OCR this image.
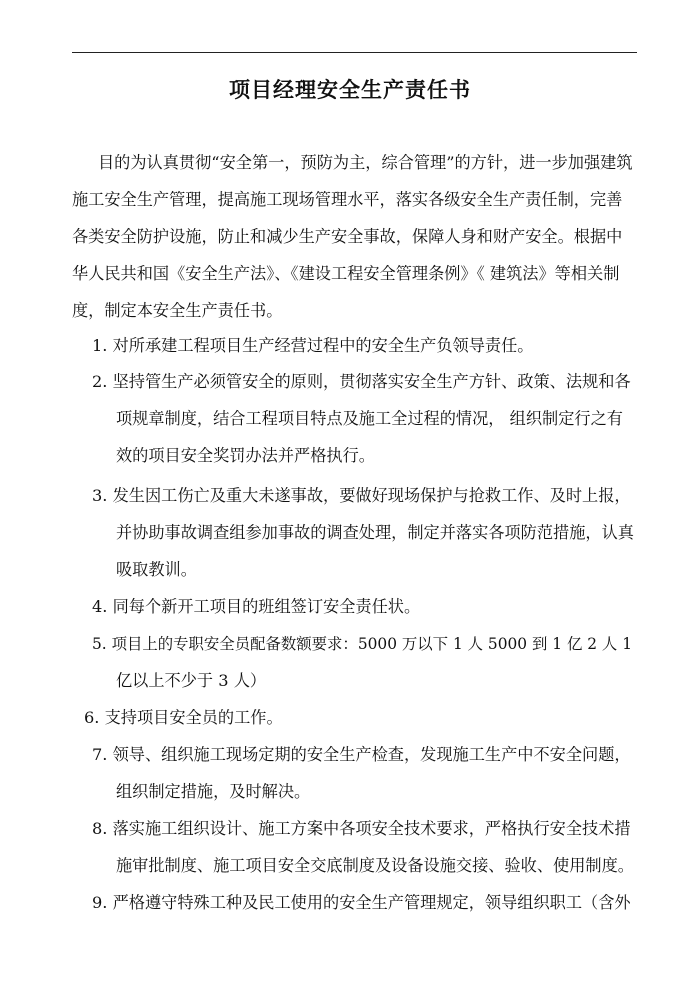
项目经理安全生产责任书
目的为认真贯彻“安全第一，预防为主，综合管理”的方针，进一步加强建筑
施工安全生产管理，提高施工现场管理水平，落实各级安全生产责任制，完善
各类安全防护设施，防止和减少生产安全事故，保障人身和财产安全。根据中
华人民共和国《安全生产法》、《建设工程安全管理条例》《 建筑法》等相关制
度，制定本安全生产责任书。
1. 对所承建工程项目生产经营过程中的安全生产负领导责任。
2. 坚持管生产必须管安全的原则，贯彻落实安全生产方针、政策、法规和各
项规章制度，结合工程项目特点及施工全过程的情况， 组织制定行之有
效的项目安全奖罚办法并严格执行。
3. 发生因工伤亡及重大未遂事故，要做好现场保护与抢救工作、及时上报，
并协助事故调查组参加事故的调查处理，制定并落实各项防范措施，认真
吸取教训。
4. 同每个新开工项目的班组签订安全责任状。
5. 项目上的专职安全员配备数额要求：5000 万以下 1 人 5000 到 1 亿 2 人 1
亿以上不少于 3 人）
6. 支持项目安全员的工作。
7. 领导、组织施工现场定期的安全生产检查，发现施工生产中不安全问题，
组织制定措施，及时解决。
8. 落实施工组织设计、施工方案中各项安全技术要求，严格执行安全技术措
施审批制度、施工项目安全交底制度及设备设施交接、验收、使用制度。
9. 严格遵守特殊工种及民工使用的安全生产管理规定，领导组织职工（含外
